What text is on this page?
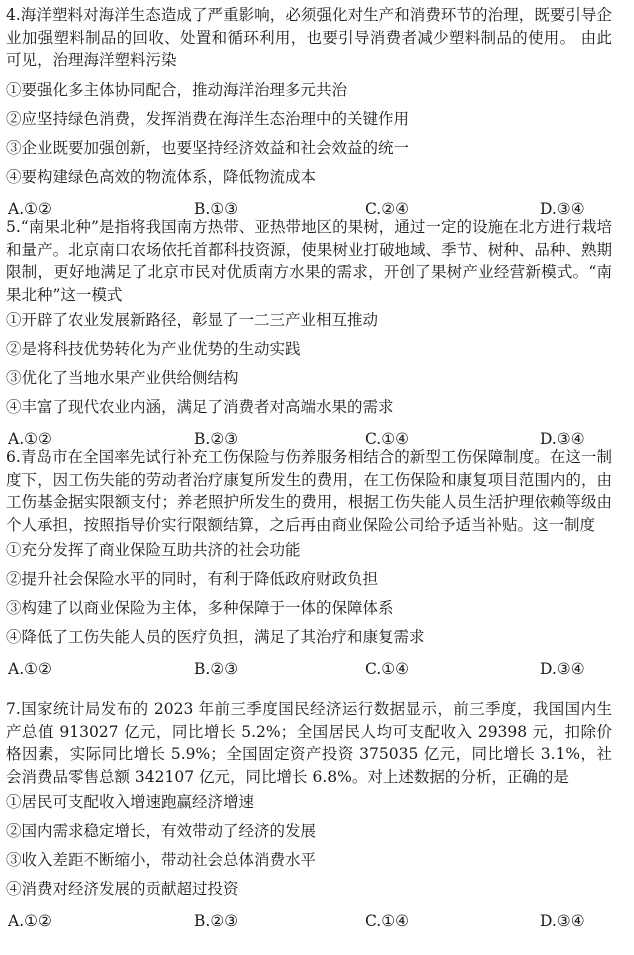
4.海洋塑料对海洋生态造成了严重影响，必须强化对生产和消费环节的治理，既要引导企业加强塑料制品的回收、处置和循环利用，也要引导消费者减少塑料制品的使用。 由此可见，治理海洋塑料污染

①要强化多主体协同配合，推动海洋治理多元共治
②应坚持绿色消费，发挥消费在海洋生态治理中的关键作用
③企业既要加强创新，也要坚持经济效益和社会效益的统一
④要构建绿色高效的物流体系，降低物流成本
A.①②	B.①③	C.②④	D.③④

5.“南果北种”是指将我国南方热带、亚热带地区的果树，通过一定的设施在北方进行栽培和量产。北京南口农场依托首都科技资源，使果树业打破地域、季节、树种、品种、熟期限制，更好地满足了北京市民对优质南方水果的需求，开创了果树产业经营新模式。“南果北种”这一模式

①开辟了农业发展新路径，彰显了一二三产业相互推动
②是将科技优势转化为产业优势的生动实践
③优化了当地水果产业供给侧结构
④丰富了现代农业内涵，满足了消费者对高端水果的需求
A.①②	B.②③	C.①④	D.③④

6.青岛市在全国率先试行补充工伤保险与伤养服务相结合的新型工伤保障制度。在这一制度下，因工伤失能的劳动者治疗康复所发生的费用，在工伤保险和康复项目范围内的，由工伤基金据实限额支付；养老照护所发生的费用，根据工伤失能人员生活护理依赖等级由个人承担，按照指导价实行限额结算，之后再由商业保险公司给予适当补贴。这一制度

①充分发挥了商业保险互助共济的社会功能
②提升社会保险水平的同时，有利于降低政府财政负担
③构建了以商业保险为主体，多种保障于一体的保障体系
④降低了工伤失能人员的医疗负担，满足了其治疗和康复需求
A.①②	B.②③	C.①④	D.③④

7.国家统计局发布的 2023 年前三季度国民经济运行数据显示，前三季度，我国国内生产总值 913027 亿元，同比增长 5.2%；全国居民人均可支配收入 29398 元，扣除价格因素，实际同比增长 5.9%；全国固定资产投资 375035 亿元，同比增长 3.1%，社会消费品零售总额 342107 亿元，同比增长 6.8%。对上述数据的分析，正确的是

①居民可支配收入增速跑赢经济增速
②国内需求稳定增长，有效带动了经济的发展
③收入差距不断缩小，带动社会总体消费水平
④消费对经济发展的贡献超过投资
A.①②	B.②③	C.①④	D.③④
